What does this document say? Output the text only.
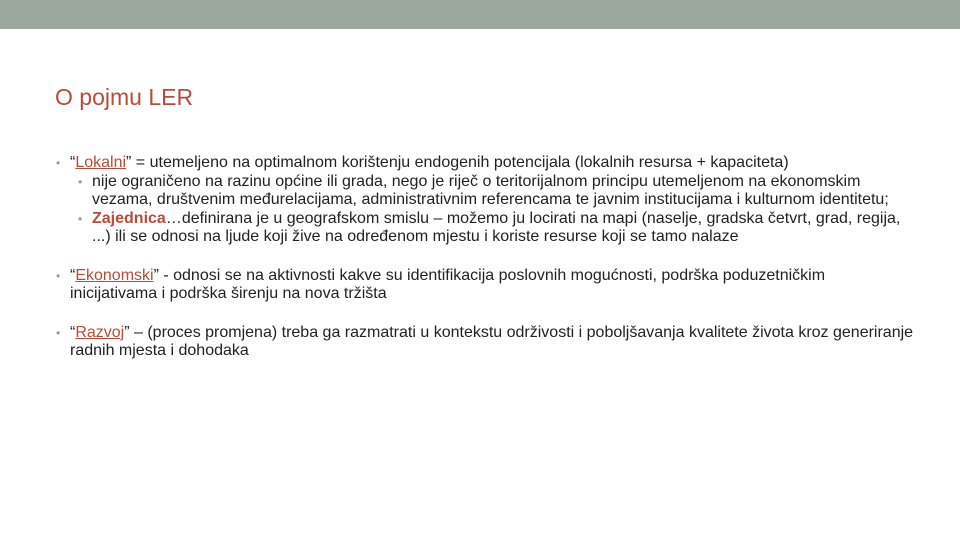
O pojmu LER
• “Lokalni” = utemeljeno na optimalnom korištenju endogenih potencijala (lokalnih resursa + kapaciteta)
• nije ograničeno na razinu općine ili grada, nego je riječ o teritorijalnom principu utemeljenom na ekonomskim vezama, društvenim međurelacijama, administrativnim referencama te javnim institucijama i kulturnom identitetu;
• Zajednica…definirana je u geografskom smislu – možemo ju locirati na mapi (naselje, gradska četvrt, grad, regija, ...) ili se odnosi na ljude koji žive na određenom mjestu i koriste resurse koji se tamo nalaze
• “Ekonomski” - odnosi se na aktivnosti kakve su identifikacija poslovnih mogućnosti, podrška poduzetničkim inicijativama i podrška širenju na nova tržišta
• “Razvoj” – (proces promjena) treba ga razmatrati u kontekstu održivosti i poboljšavanja kvalitete života kroz generiranje radnih mjesta i dohodaka
